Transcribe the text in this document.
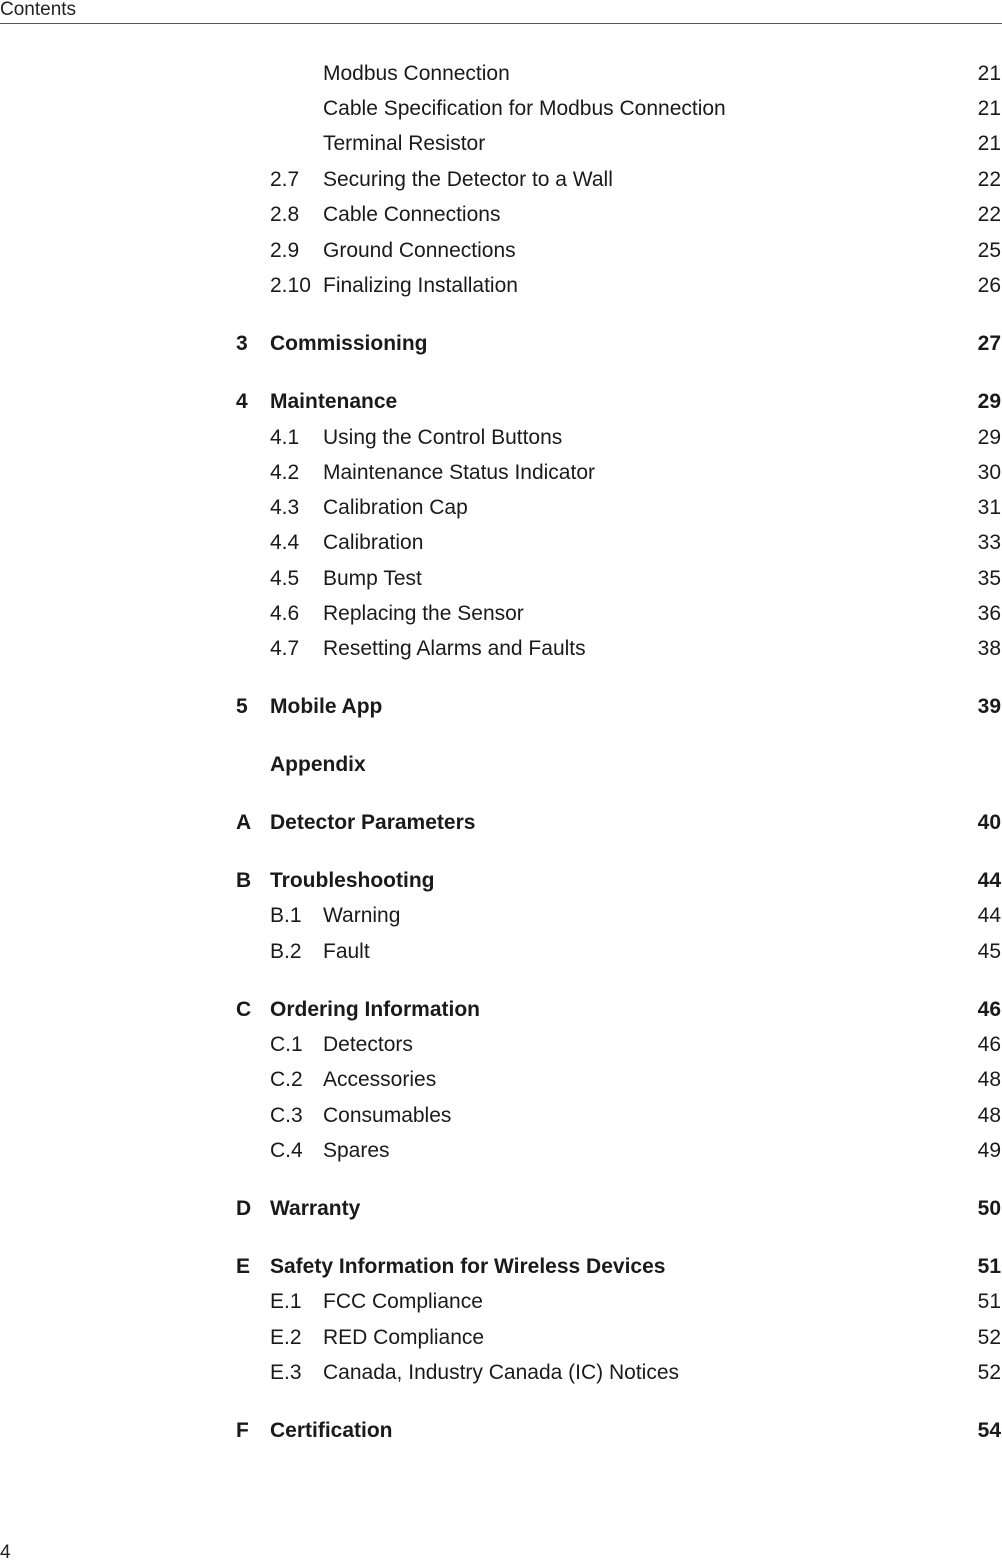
Contents
Modbus Connection	21
Cable Specification for Modbus Connection	21
Terminal Resistor	21
2.7 Securing the Detector to a Wall	22
2.8 Cable Connections	22
2.9 Ground Connections	25
2.10 Finalizing Installation	26
3 Commissioning	27
4 Maintenance	29
4.1 Using the Control Buttons	29
4.2 Maintenance Status Indicator	30
4.3 Calibration Cap	31
4.4 Calibration	33
4.5 Bump Test	35
4.6 Replacing the Sensor	36
4.7 Resetting Alarms and Faults	38
5 Mobile App	39
Appendix
A Detector Parameters	40
B Troubleshooting	44
B.1 Warning	44
B.2 Fault	45
C Ordering Information	46
C.1 Detectors	46
C.2 Accessories	48
C.3 Consumables	48
C.4 Spares	49
D Warranty	50
E Safety Information for Wireless Devices	51
E.1 FCC Compliance	51
E.2 RED Compliance	52
E.3 Canada, Industry Canada (IC) Notices	52
F Certification	54
4
